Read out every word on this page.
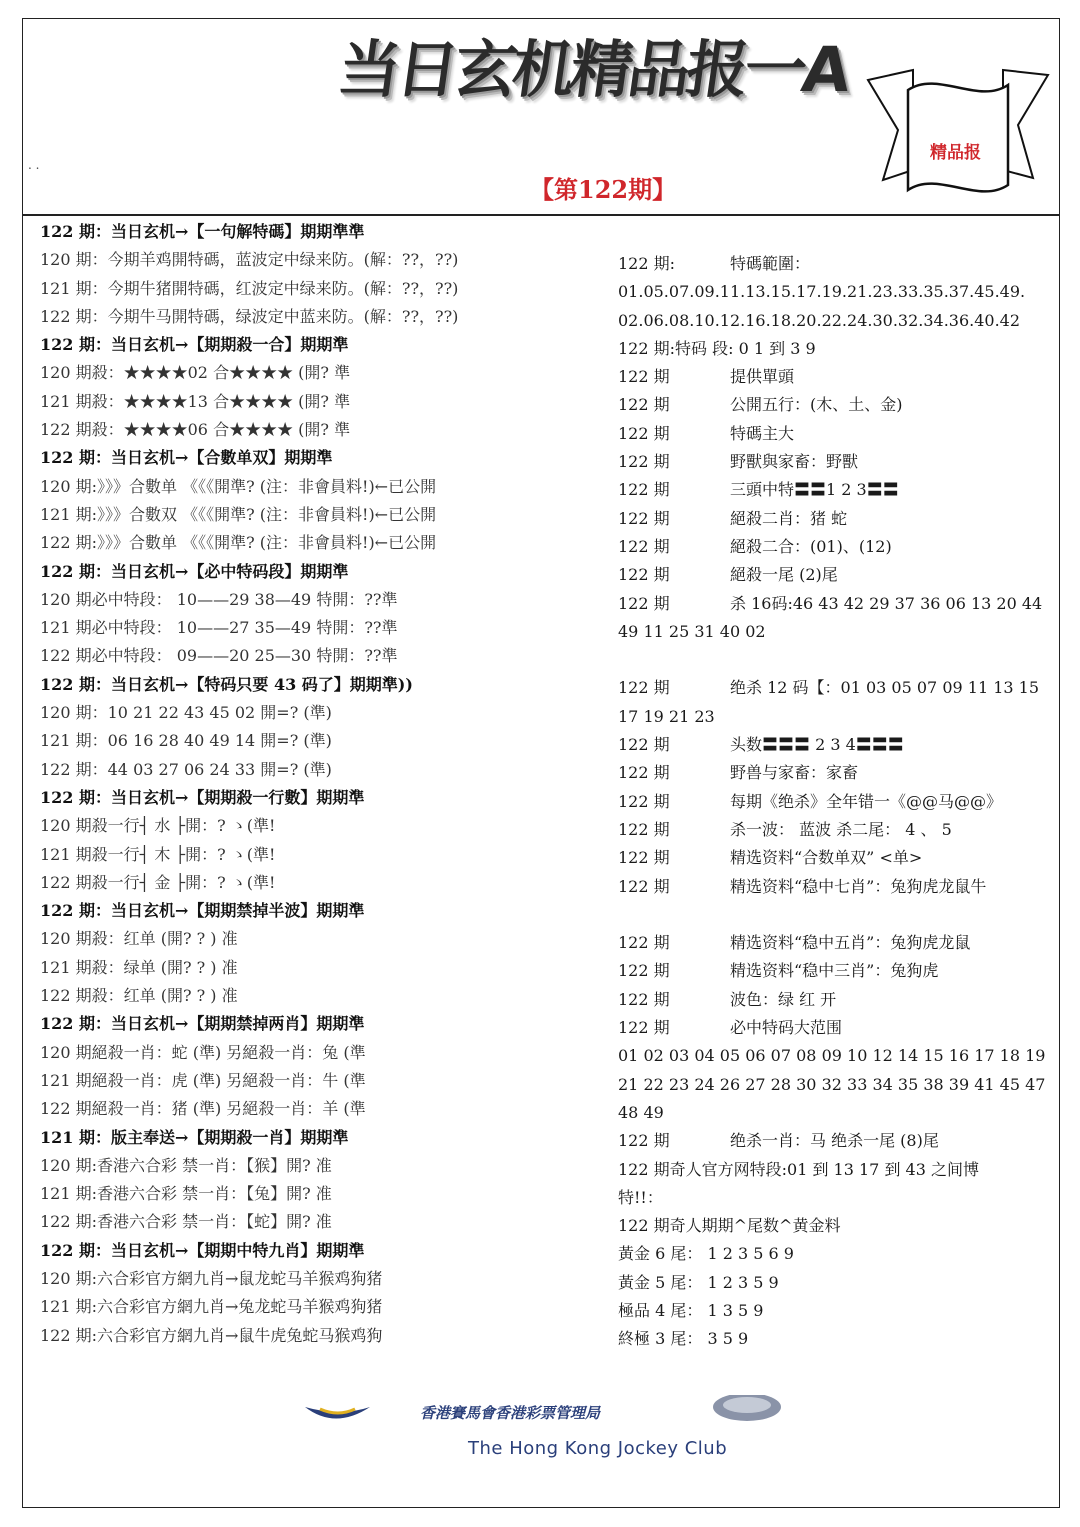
当日玄机精品报一A
. .
精品报
【第122期】
122 期：当日玄机→【一句解特碼】期期準準
120 期：今期羊鸡開特碼，蓝波定中绿来防。(解：??，??)
121 期：今期牛猪開特碼，红波定中绿来防。(解：??，??)
122 期：今期牛马開特碼，绿波定中蓝来防。(解：??，??)
122 期：当日玄机→【期期殺一合】期期準
120 期殺：★★★★02 合★★★★ (開? 準
121 期殺：★★★★13 合★★★★ (開? 準
122 期殺：★★★★06 合★★★★ (開? 準
122 期：当日玄机→【合數单双】期期準
120 期:》》》合數单 《《《開準? (注：非會員料!)←已公開
121 期:》》》合數双 《《《開準? (注：非會員料!)←已公開
122 期:》》》合數单 《《《開準? (注：非會員料!)←已公開
122 期：当日玄机→【必中特码段】期期準
120 期必中特段： 10——29 38—49 特開：??準
121 期必中特段： 10——27 35—49 特開：??準
122 期必中特段： 09——20 25—30 特開：??準
122 期：当日玄机→【特码只要 43 码了】期期準))
120 期：10 21 22 43 45 02 開=? (準)
121 期：06 16 28 40 49 14 開=? (準)
122 期：44 03 27 06 24 33 開=? (準)
122 期：当日玄机→【期期殺一行數】期期準
120 期殺一行┤ 水 ├開：? ゝ(準!
121 期殺一行┤ 木 ├開：? ゝ(準!
122 期殺一行┤ 金 ├開：? ゝ(準!
122 期：当日玄机→【期期禁掉半波】期期準
120 期殺：红单 (開? ? ) 准
121 期殺：绿单 (開? ? ) 准
122 期殺：红单 (開? ? ) 准
122 期：当日玄机→【期期禁掉两肖】期期準
120 期絕殺一肖：蛇 (準) 另絕殺一肖：兔 (準
121 期絕殺一肖：虎 (準) 另絕殺一肖：牛 (準
122 期絕殺一肖：猪 (準) 另絕殺一肖：羊 (準
121 期：版主奉送→【期期殺一肖】期期準
120 期:香港六合彩 禁一肖：【猴】開? 准
121 期:香港六合彩 禁一肖：【兔】開? 准
122 期:香港六合彩 禁一肖：【蛇】開? 准
122 期：当日玄机→【期期中特九肖】期期準
120 期:六合彩官方網九肖→鼠龙蛇马羊猴鸡狗猪
121 期:六合彩官方網九肖→兔龙蛇马羊猴鸡狗猪
122 期:六合彩官方網九肖→鼠牛虎兔蛇马猴鸡狗
122 期:	特碼範圍：
01.05.07.09.11.13.15.17.19.21.23.33.35.37.45.49.
02.06.08.10.12.16.18.20.22.24.30.32.34.36.40.42
122 期:特码 段: 0 1 到 3 9
122 期	提供單頭
122 期	公開五行：(木、土、金)
122 期	特碼主大
122 期	野獸與家畜：野獸
122 期	三頭中特〓〓1 2 3〓〓
122 期	絕殺二肖：猪 蛇
122 期	絕殺二合：(01)、(12)
122 期	絕殺一尾 (2)尾
122 期	杀 16码:46 43 42 29 37 36 06 13 20 44
49 11 25 31 40 02
122 期	绝杀 12 码【：01 03 05 07 09 11 13 15
17 19 21 23
122 期	头数〓〓〓 2 3 4〓〓〓
122 期	野兽与家畜：家畜
122 期	每期《绝杀》全年错一《@@马@@》
122 期	杀一波： 蓝波 杀二尾： 4 、 5
122 期	精选资料“合数单双” <单>
122 期	精选资料“稳中七肖”：兔狗虎龙鼠牛
122 期	精选资料“稳中五肖”：兔狗虎龙鼠
122 期	精选资料“稳中三肖”：兔狗虎
122 期	波色：绿 红 开
122 期	必中特码大范围
01 02 03 04 05 06 07 08 09 10 12 14 15 16 17 18 19
21 22 23 24 26 27 28 30 32 33 34 35 38 39 41 45 47
48 49
122 期	绝杀一肖：马 绝杀一尾 (8)尾
122 期奇人官方网特段:01 到 13 17 到 43 之间博
特!!：
122 期奇人期期^尾数^黄金料
黃金 6 尾： 1 2 3 5 6 9
黃金 5 尾： 1 2 3 5 9
極品 4 尾： 1 3 5 9
終極 3 尾： 3 5 9
香港賽馬會香港彩票管理局
The Hong Kong Jockey Club
